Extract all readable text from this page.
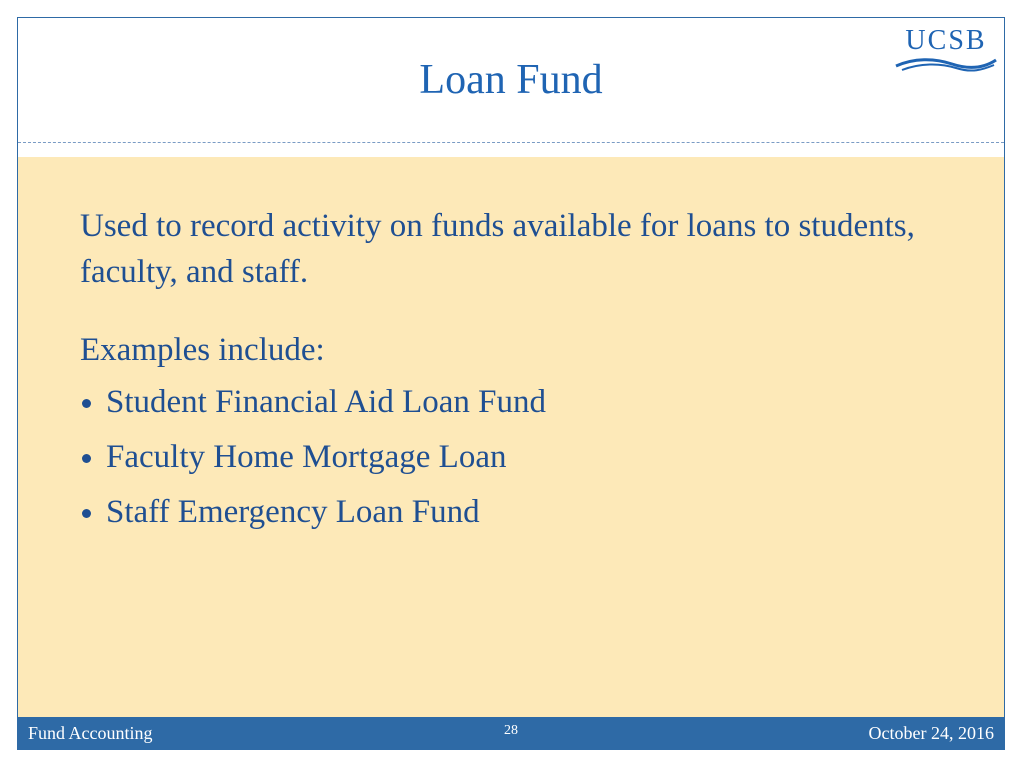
Loan Fund
UCSB

Used to record activity on funds available for loans to students, faculty, and staff.

Examples include:

Student Financial Aid Loan Fund
Faculty Home Mortgage Loan
Staff Emergency Loan Fund
Fund Accounting	28	October 24, 2016
